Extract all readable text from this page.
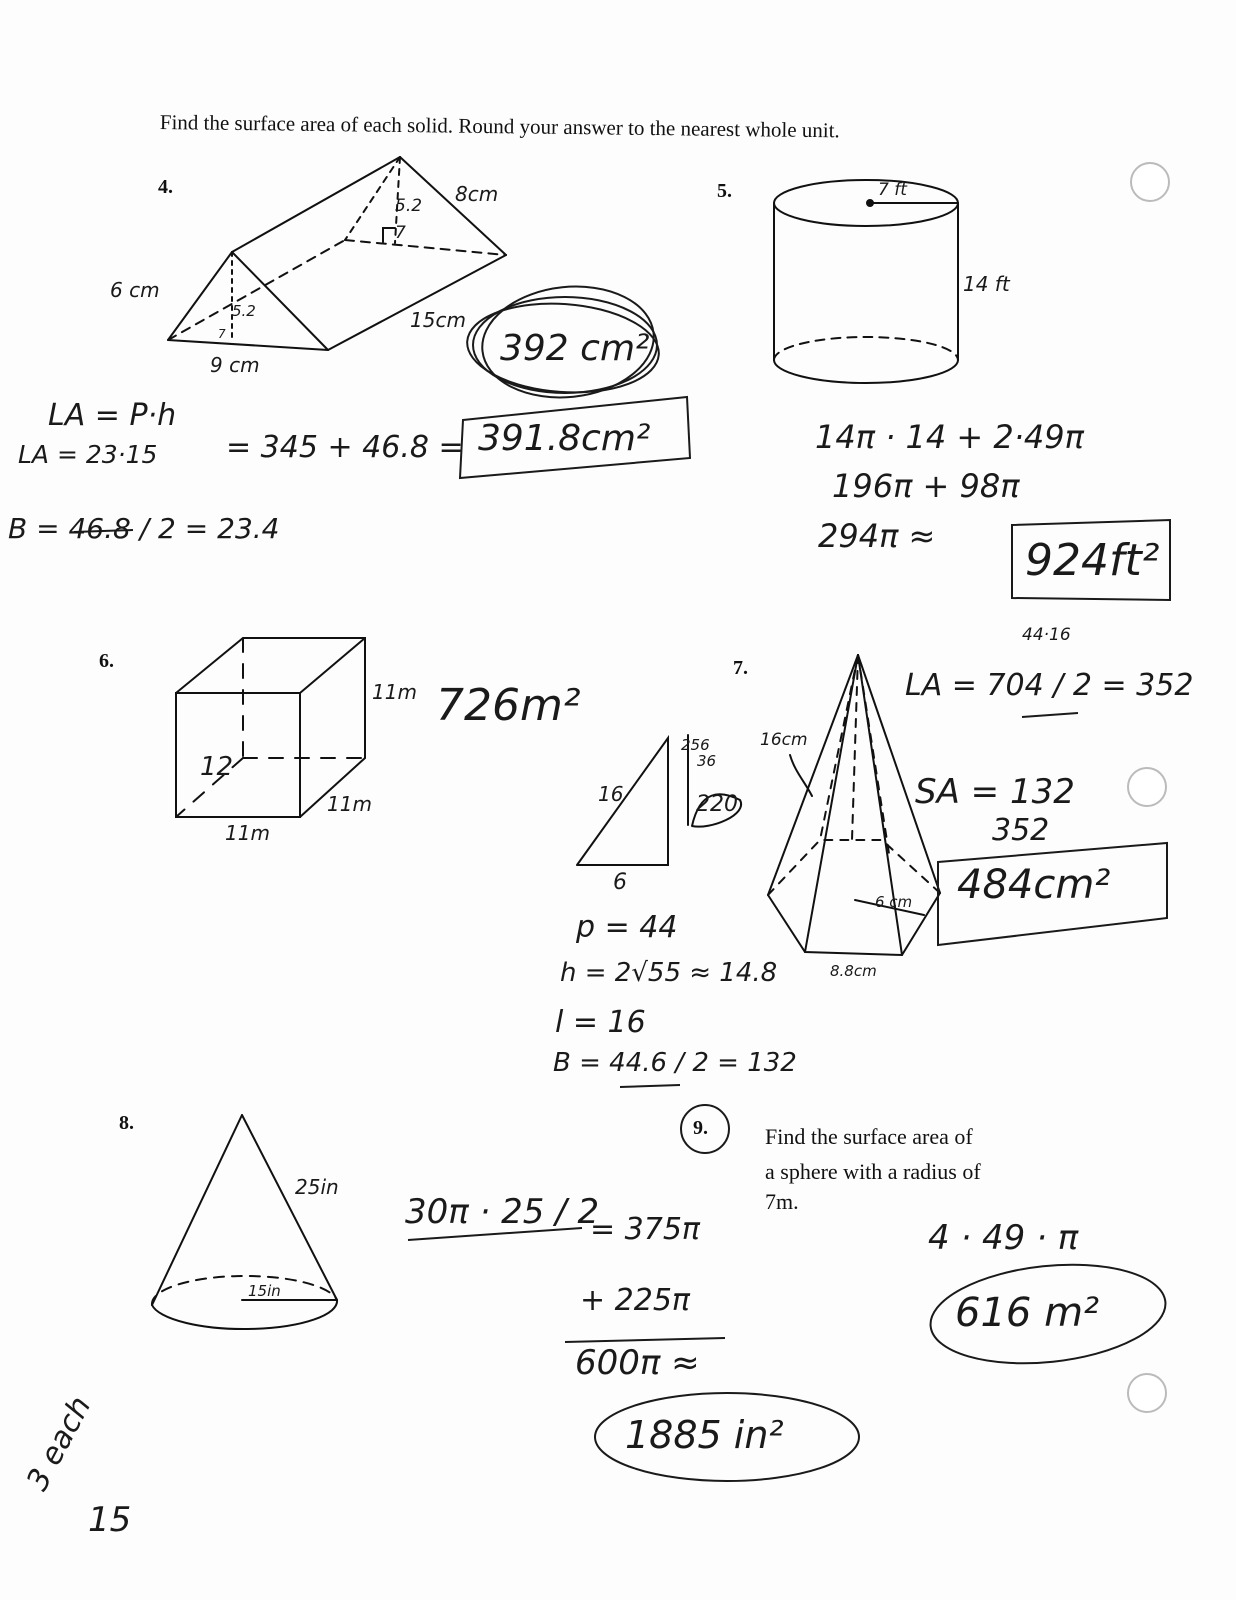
Find the surface area of each solid. Round your answer to the nearest whole unit.
4.	5.
6.	7.
8.	9.
5.2
7
8cm
6 cm
5.2
7
9 cm
15cm
392 cm²
LA = P·h
LA = 23·15 = 345 + 46.8 = 391.8cm²
B = 46.8 / 2 = 23.4
7 ft
14 ft
14π · 14 + 2·49π
196π + 98π
294π ≈ 924ft²
12
11m
11m
11m
726m²
16cm
6 cm
8.8cm
16
6
256
36
220
LA = 704 / 2 = 352
44·16
SA = 132
352
484cm²
p = 44
h = 2√55 ≈ 14.8
l = 16
B = 44.6 / 2 = 132
25in
15in
30π · 25 / 2
= 375π
+ 225π
600π ≈
1885 in²
Find the surface area of
a sphere with a radius of
7m.
4 · 49 · π
616 m²
3 each
15
